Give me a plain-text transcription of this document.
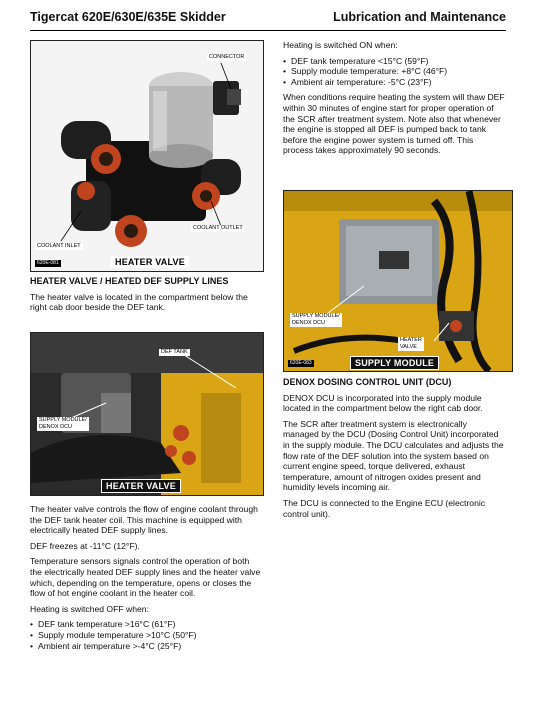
Tigercat 620E/630E/635E Skidder	Lubrication and Maintenance
CONNECTOR
COOLANT OUTLET
COOLANT INLET
620E-081	HEATER VALVE

HEATER VALVE / HEATED DEF SUPPLY LINES

The heater valve is located in the compartment below the right cab door beside the DEF tank.

DEF TANK
SUPPLY MODULE/
DENOX DCU
HEATER VALVE

The heater valve controls the flow of engine coolant through the DEF tank heater coil. This machine is equipped with electrically heated DEF supply lines.

DEF freezes at -11°C (12°F).

Temperature sensors signals control the operation of both the electrically heated DEF supply lines and the heater valve which, depending on the temperature, opens or closes the flow of hot engine coolant in the heater coil.

Heating is switched OFF when:

• DEF tank temperature >16°C (61°F)
• Supply module temperature >10°C (50°F)
• Ambient air temperature >-4°C (25°F)

Heating is switched ON when:

• DEF tank temperature <15°C (59°F)
• Supply module temperature: +8°C (46°F)
• Ambient air temperature: -5°C (23°F)

When conditions require heating the system will thaw DEF within 30 minutes of engine start for proper operation of the SCR after treatment system. Note also that whenever the engine is stopped all DEF is pumped back to tank before the engine power system is turned off. This process takes approximately 90 seconds.

SUPPLY MODULE/
DENOX DCU
HEATER
VALVE
620E-083	SUPPLY MODULE

DENOX DOSING CONTROL UNIT (DCU)

DENOX DCU is incorporated into the supply module located in the compartment below the right cab door.

The SCR after treatment system is electronically managed by the DCU (Dosing Control Unit) incorporated in the supply module. The DCU calculates and adjusts the flow rate of the DEF solution into the system based on current engine speed, torque delivered, exhaust temperature, amount of nitrogen oxides present and humidity levels incoming air.

The DCU is connected to the Engine ECU (electronic control unit).
